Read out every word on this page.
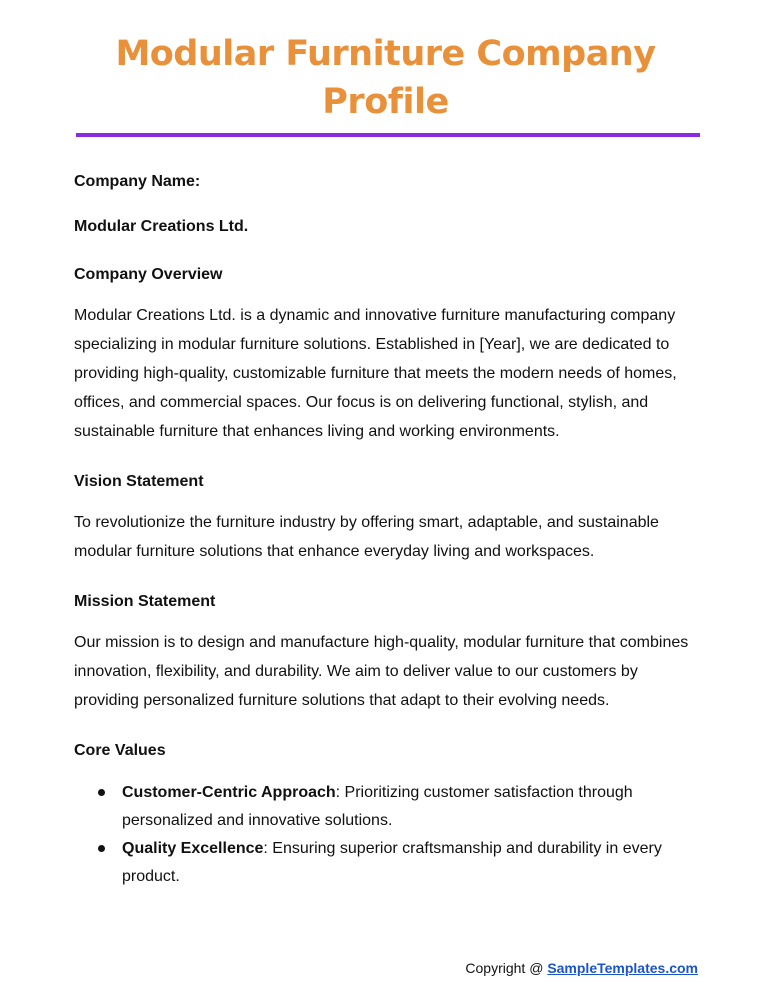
Modular Furniture Company Profile

Company Name:

Modular Creations Ltd.

Company Overview

Modular Creations Ltd. is a dynamic and innovative furniture manufacturing company specializing in modular furniture solutions. Established in [Year], we are dedicated to providing high-quality, customizable furniture that meets the modern needs of homes, offices, and commercial spaces. Our focus is on delivering functional, stylish, and sustainable furniture that enhances living and working environments.

Vision Statement

To revolutionize the furniture industry by offering smart, adaptable, and sustainable modular furniture solutions that enhance everyday living and workspaces.

Mission Statement

Our mission is to design and manufacture high-quality, modular furniture that combines innovation, flexibility, and durability. We aim to deliver value to our customers by providing personalized furniture solutions that adapt to their evolving needs.

Core Values

Customer-Centric Approach: Prioritizing customer satisfaction through personalized and innovative solutions.
Quality Excellence: Ensuring superior craftsmanship and durability in every product.
Copyright @ SampleTemplates.com
